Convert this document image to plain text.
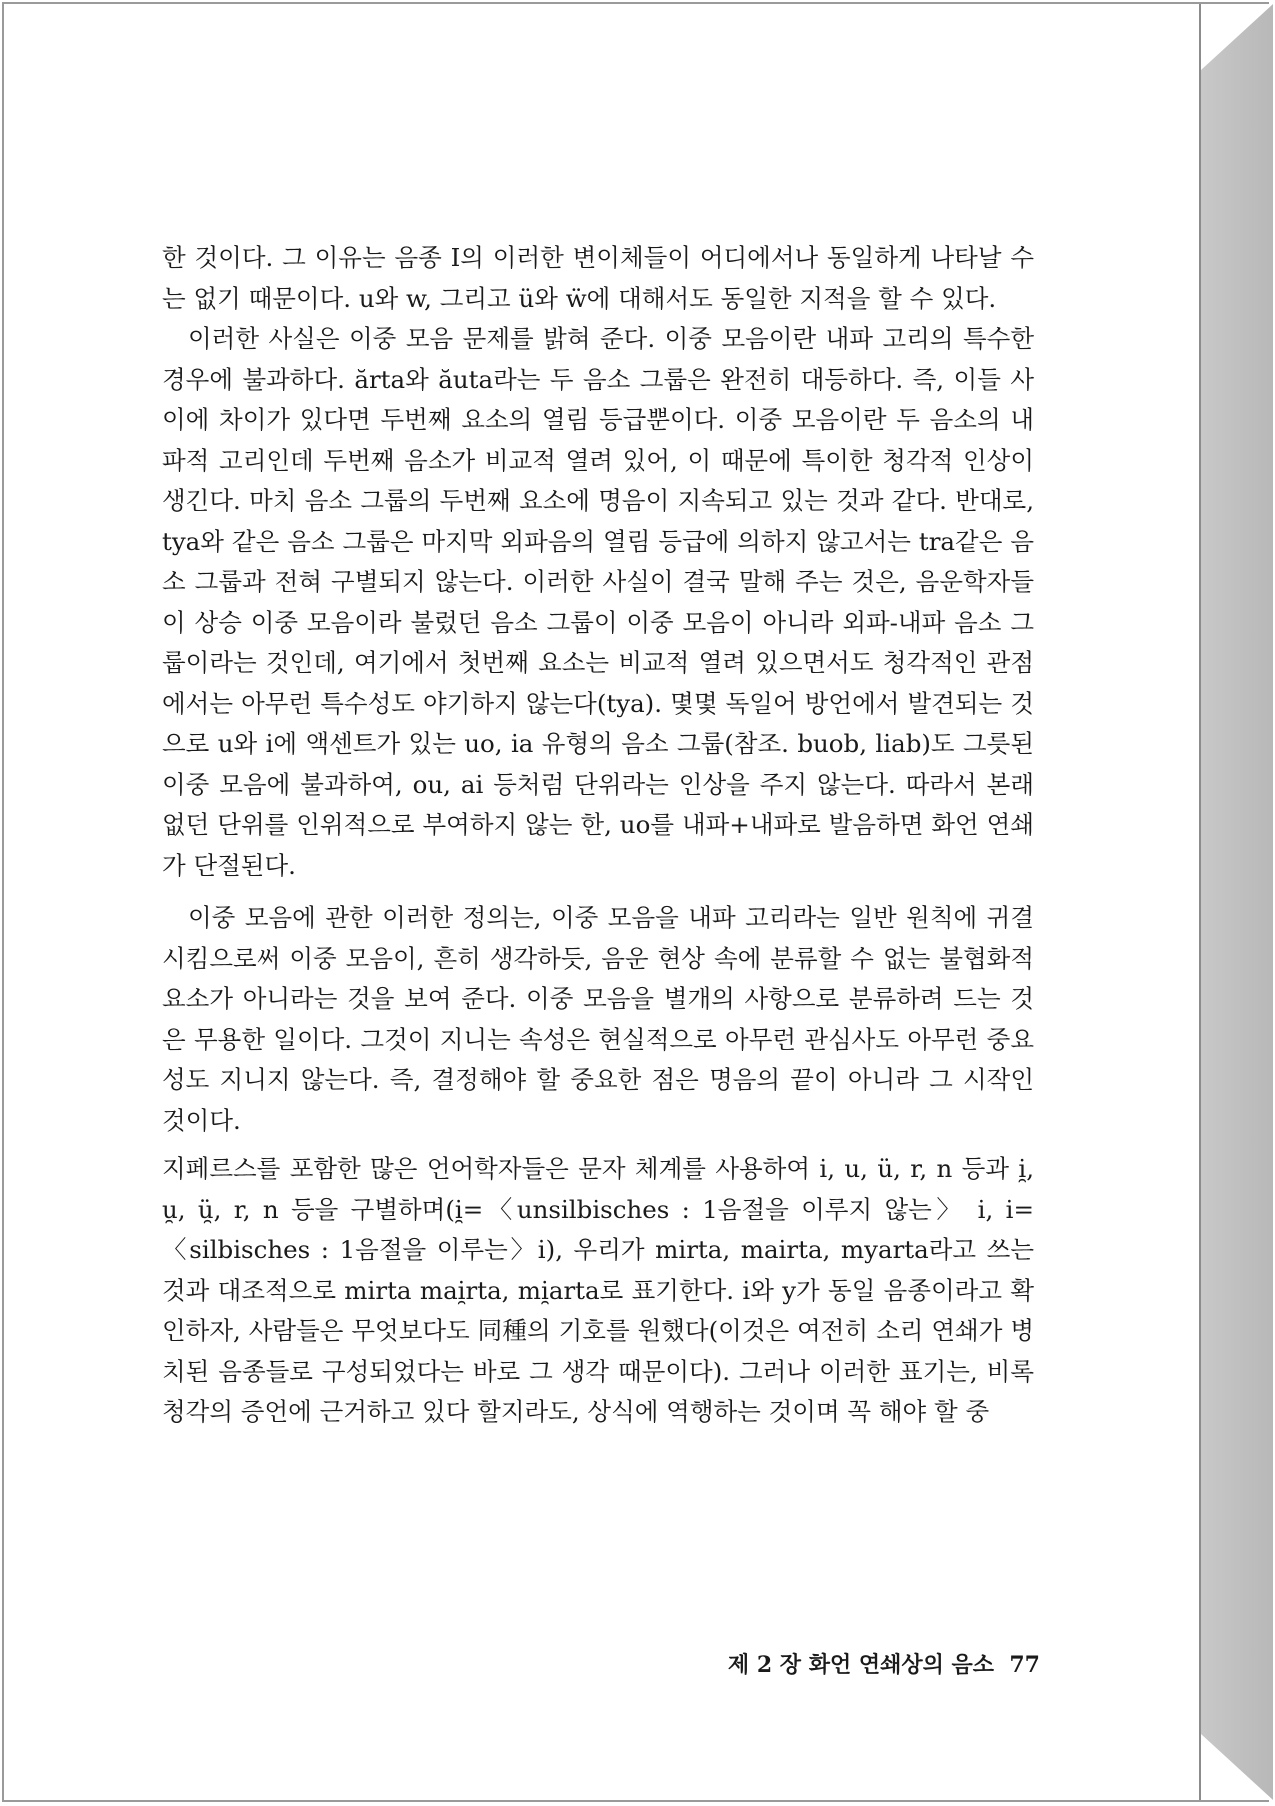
한 것이다. 그 이유는 음종 I의 이러한 변이체들이 어디에서나 동일하게 나타날 수는 없기 때문이다. u와 w, 그리고 ü와 ẅ에 대해서도 동일한 지적을 할 수 있다.

이러한 사실은 이중 모음 문제를 밝혀 준다. 이중 모음이란 내파 고리의 특수한 경우에 불과하다. ărta와 ăuta라는 두 음소 그룹은 완전히 대등하다. 즉, 이들 사이에 차이가 있다면 두번째 요소의 열림 등급뿐이다. 이중 모음이란 두 음소의 내파적 고리인데 두번째 음소가 비교적 열려 있어, 이 때문에 특이한 청각적 인상이 생긴다. 마치 음소 그룹의 두번째 요소에 명음이 지속되고 있는 것과 같다. 반대로, tya와 같은 음소 그룹은 마지막 외파음의 열림 등급에 의하지 않고서는 tra같은 음소 그룹과 전혀 구별되지 않는다. 이러한 사실이 결국 말해 주는 것은, 음운학자들이 상승 이중 모음이라 불렀던 음소 그룹이 이중 모음이 아니라 외파-내파 음소 그룹이라는 것인데, 여기에서 첫번째 요소는 비교적 열려 있으면서도 청각적인 관점에서는 아무런 특수성도 야기하지 않는다(tya). 몇몇 독일어 방언에서 발견되는 것으로 u와 i에 액센트가 있는 uo, ia 유형의 음소 그룹(참조. buob, liab)도 그릇된 이중 모음에 불과하여, ou, ai 등처럼 단위라는 인상을 주지 않는다. 따라서 본래 없던 단위를 인위적으로 부여하지 않는 한, uo를 내파+내파로 발음하면 화언 연쇄가 단절된다.

이중 모음에 관한 이러한 정의는, 이중 모음을 내파 고리라는 일반 원칙에 귀결시킴으로써 이중 모음이, 흔히 생각하듯, 음운 현상 속에 분류할 수 없는 불협화적 요소가 아니라는 것을 보여 준다. 이중 모음을 별개의 사항으로 분류하려 드는 것은 무용한 일이다. 그것이 지니는 속성은 현실적으로 아무런 관심사도 아무런 중요성도 지니지 않는다. 즉, 결정해야 할 중요한 점은 명음의 끝이 아니라 그 시작인 것이다.

지페르스를 포함한 많은 언어학자들은 문자 체계를 사용하여 i, u, ü, r, n 등과 i̯, u̯, ü̯, r, n 등을 구별하며(i̯=〈unsilbisches : 1음절을 이루지 않는〉 i, i=〈silbisches : 1음절을 이루는〉i), 우리가 mirta, mairta, myarta라고 쓰는 것과 대조적으로 mirta mai̯rta, mi̯arta로 표기한다. i와 y가 동일 음종이라고 확인하자, 사람들은 무엇보다도 同種의 기호를 원했다(이것은 여전히 소리 연쇄가 병치된 음종들로 구성되었다는 바로 그 생각 때문이다). 그러나 이러한 표기는, 비록 청각의 증언에 근거하고 있다 할지라도, 상식에 역행하는 것이며 꼭 해야 할 중

제 2 장 화언 연쇄상의 음소 77
